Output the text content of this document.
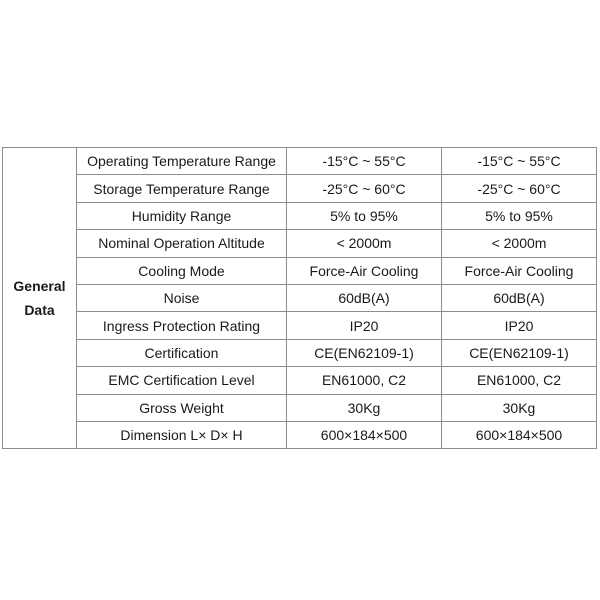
General
Data	Operating Temperature Range	-15°C ~ 55°C	-15°C ~ 55°C
	Storage Temperature Range	-25°C ~ 60°C	-25°C ~ 60°C
	Humidity Range	5% to 95%	5% to 95%
	Nominal Operation Altitude	< 2000m	< 2000m
	Cooling Mode	Force-Air Cooling	Force-Air Cooling
	Noise	60dB(A)	60dB(A)
	Ingress Protection Rating	IP20	IP20
	Certification	CE(EN62109-1)	CE(EN62109-1)
	EMC Certification Level	EN61000, C2	EN61000, C2
	Gross Weight	30Kg	30Kg
	Dimension L× D× H	600×184×500	600×184×500
